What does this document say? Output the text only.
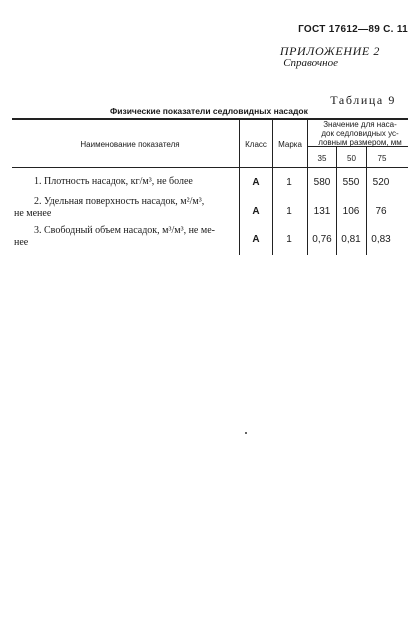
ГОСТ 17612—89 С. 11
ПРИЛОЖЕНИЕ 2
Справочное
Таблица 9
Физические показатели седловидных насадок
Наименование показателя	Класс	Марка
Значение для наса-
док седловидных ус-
ловным размером, мм
35	50	75
1. Плотность насадок, кг/м³, не более	А	1	580	550	520
2. Удельная поверхность насадок, м²/м³,
не менее	А	1	131	106	76
3. Свободный объем насадок, м³/м³, не ме-
нее	А	1	0,76 0,81 0,83
